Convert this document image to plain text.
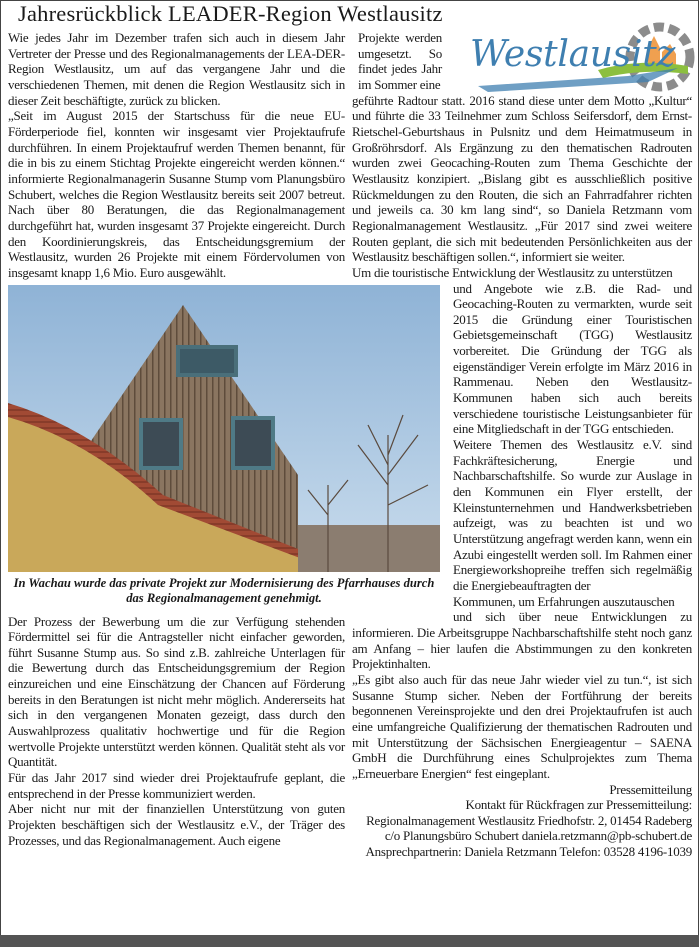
Jahresrückblick LEADER-Region Westlausitz

Wie jedes Jahr im Dezember trafen sich auch in diesem Jahr Vertreter der Presse und des Regionalmanagements der LEA-DER-Region Westlausitz, um auf das vergangene Jahr und die verschiedenen Themen, mit denen die Region Westlausitz sich in dieser Zeit beschäftigte, zurück zu blicken.

„Seit im August 2015 der Startschuss für die neue EU-Förderperiode fiel, konnten wir insgesamt vier Projektaufrufe durchführen. In einem Projektaufruf werden Themen benannt, für die in bis zu einem Stichtag Projekte eingereicht werden können.“ informierte Regionalmanagerin Susanne Stump vom Planungsbüro Schubert, welches die Region Westlausitz bereits seit 2007 betreut. Nach über 80 Beratungen, die das Regionalmanagement durchgeführt hat, wurden insgesamt 37 Projekte eingereicht. Durch den Koordinierungskreis, das Entscheidungsgremium der Westlausitz, wurden 26 Projekte mit einem Fördervolumen von insgesamt knapp 1,6 Mio. Euro ausgewählt.

In Wachau wurde das private Projekt zur Modernisierung des Pfarrhauses durch das Regionalmanagement genehmigt.

Der Prozess der Bewerbung um die zur Verfügung stehenden Fördermittel sei für die Antragsteller nicht einfacher geworden, führt Susanne Stump aus. So sind z.B. zahlreiche Unterlagen für die Bewertung durch das Entscheidungsgremium der Region einzureichen und eine Einschätzung der Chancen auf Förderung bereits in den Beratungen ist nicht mehr möglich. Andererseits hat sich in den vergangenen Monaten gezeigt, dass durch den Auswahlprozess qualitativ hochwertige und für die Region wertvolle Projekte unterstützt werden können. Qualität steht als vor Quantität.

Für das Jahr 2017 sind wieder drei Projektaufrufe geplant, die entsprechend in der Presse kommuniziert werden.

Aber nicht nur mit der finanziellen Unterstützung von guten Projekten beschäftigen sich der Westlausitz e.V., der Träger des Prozesses, und das Regionalmanagement. Auch eigene

Westlausitz

Projekte werden umgesetzt. So findet jedes Jahr im Sommer eine

geführte Radtour statt. 2016 stand diese unter dem Motto „Kultur“ und führte die 33 Teilnehmer zum Schloss Seifersdorf, dem Ernst-Rietschel-Geburtshaus in Pulsnitz und dem Heimatmuseum in Großröhrsdorf. Als Ergänzung zu den thematischen Radrouten wurden zwei Geocaching-Routen zum Thema Geschichte der Westlausitz konzipiert. „Bislang gibt es ausschließlich positive Rückmeldungen zu den Routen, die sich an Fahrradfahrer richten und jeweils ca. 30 km lang sind“, so Daniela Retzmann vom Regionalmanagement Westlausitz. „Für 2017 sind zwei weitere Routen geplant, die sich mit bedeutenden Persönlichkeiten aus der Westlausitz beschäftigen sollen.“, informiert sie weiter.

Um die touristische Entwicklung der Westlausitz zu unterstützen

und Angebote wie z.B. die Rad- und Geocaching-Routen zu vermarkten, wurde seit 2015 die Gründung einer Touristischen Gebietsgemeinschaft (TGG) Westlausitz vorbereitet. Die Gründung der TGG als eigenständiger Verein erfolgte im März 2016 in Rammenau. Neben den Westlausitz-Kommunen haben sich auch bereits verschiedene touristische Leistungsanbieter für eine Mitgliedschaft in der TGG entschieden.

Weitere Themen des Westlausitz e.V. sind Fachkräftesicherung, Energie und Nachbarschaftshilfe. So wurde zur Auslage in den Kommunen ein Flyer erstellt, der Kleinstunternehmen und Handwerksbetrieben aufzeigt, was zu beachten ist und wo Unterstützung angefragt werden kann, wenn ein Azubi eingestellt werden soll. Im Rahmen einer Energieworkshopreihe treffen sich regelmäßig die Energiebeauftragten der

Kommunen, um Erfahrungen auszutauschen

und sich über neue Entwicklungen zu informieren. Die Arbeitsgruppe Nachbarschaftshilfe steht noch ganz am Anfang – hier laufen die Abstimmungen zu den konkreten Projektinhalten.

„Es gibt also auch für das neue Jahr wieder viel zu tun.“, ist sich Susanne Stump sicher. Neben der Fortführung der bereits begonnenen Vereinsprojekte und den drei Projektaufrufen ist auch eine umfangreiche Qualifizierung der thematischen Radrouten und mit Unterstützung der Sächsischen Energieagentur – SAENA GmbH die Durchführung eines Schulprojektes zum Thema „Erneuerbare Energien“ fest eingeplant.

Pressemitteilung

Kontakt für Rückfragen zur Pressemitteilung:

Regionalmanagement Westlausitz Friedhofstr. 2, 01454 Radeberg

c/o Planungsbüro Schubert daniela.retzmann@pb-schubert.de

Ansprechpartnerin: Daniela Retzmann Telefon: 03528 4196-1039
